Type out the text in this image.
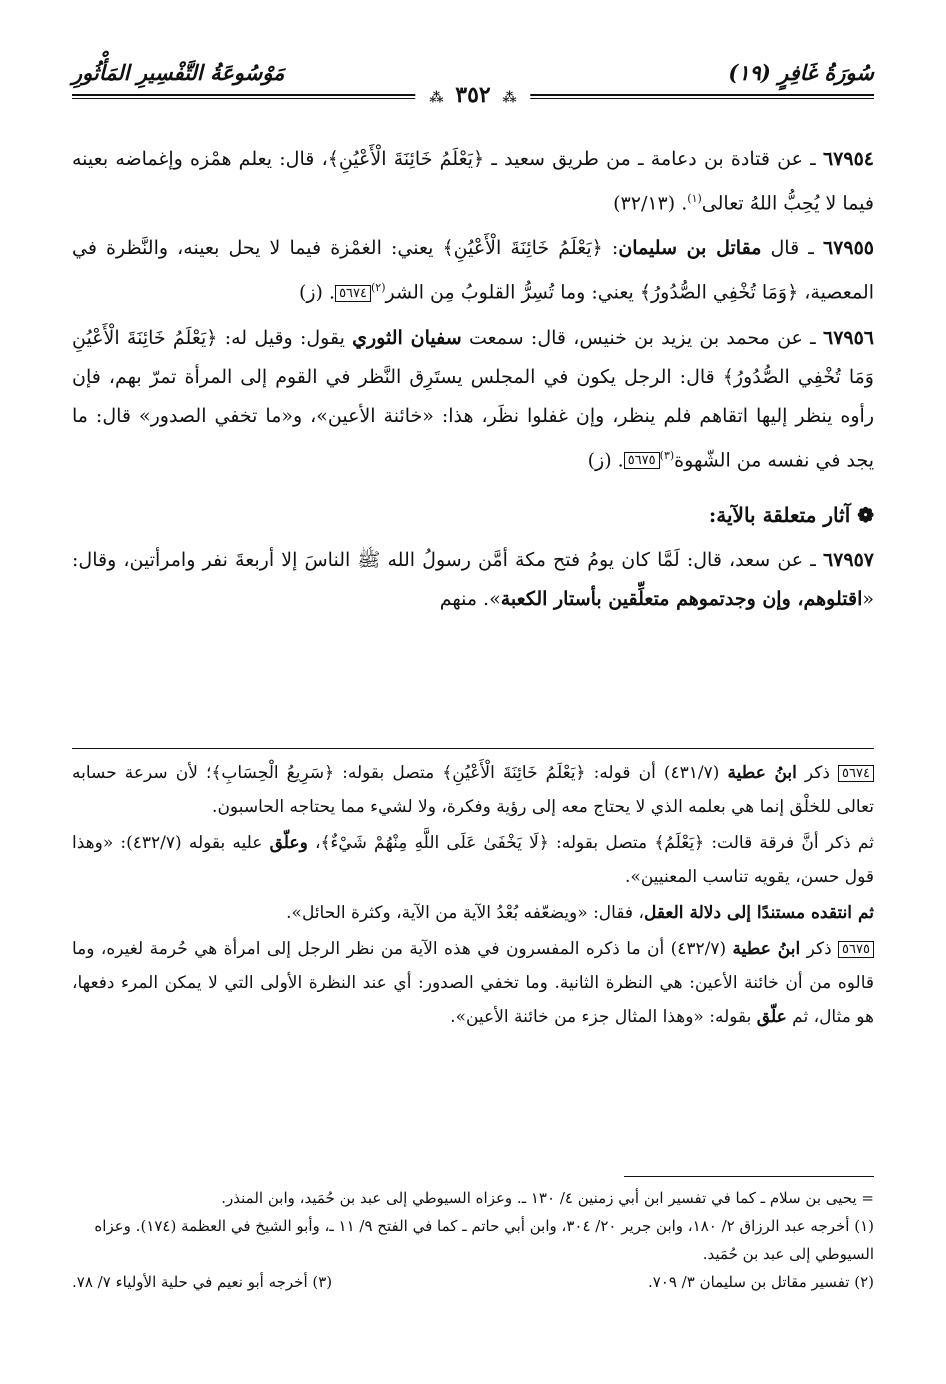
سُورَةُ غَافِرٍ (١٩)
مَوْسُوعَةُ التَّفْسِيرِ المَأْثُورِ
⁂ ٣٥٢ ⁂

٦٧٩٥٤ ـ عن قتادة بن دعامة ـ من طريق سعيد ـ ﴿يَعْلَمُ خَائِنَةَ الْأَعْيُنِ﴾، قال: يعلم همْزه وإغماضه بعينه فيما لا يُحِبُّ اللهُ تعالى$^{(١)}$. (٣٢/١٣)

٦٧٩٥٥ ـ قال مقاتل بن سليمان: ﴿يَعْلَمُ خَائِنَةَ الْأَعْيُنِ﴾ يعني: الغمْزة فيما لا يحل بعينه، والنَّظرة في المعصية، ﴿وَمَا تُخْفِي الصُّدُورُ﴾ يعني: وما تُسِرُّ القلوبُ مِن الشر$^{(٢)}$٥٦٧٤. (ز)

٦٧٩٥٦ ـ عن محمد بن يزيد بن خنيس، قال: سمعت سفيان الثوري يقول: وقيل له: ﴿يَعْلَمُ خَائِنَةَ الْأَعْيُنِ وَمَا تُخْفِي الصُّدُورُ﴾ قال: الرجل يكون في المجلس يستَرِق النَّظر في القوم إلى المرأة تمرّ بهم، فإن رأوه ينظر إليها اتقاهم فلم ينظر، وإن غفلوا نظَر، هذا: «خائنة الأعين»، و«ما تخفي الصدور» قال: ما يجد في نفسه من الشّهوة$^{(٣)}$٥٦٧٥. (ز)

❁ آثار متعلقة بالآية:

٦٧٩٥٧ ـ عن سعد، قال: لَمَّا كان يومُ فتح مكة أمَّن رسولُ الله ﷺ الناسَ إلا أربعةَ نفر وامرأتين، وقال: «اقتلوهم، وإن وجدتموهم متعلِّقين بأستار الكعبة». منهم

٥٦٧٤ ذكر ابنُ عطية (٤٣١/٧) أن قوله: ﴿يَعْلَمُ خَائِنَةَ الْأَعْيُنِ﴾ متصل بقوله: ﴿سَرِيعُ الْحِسَابِ﴾؛ لأن سرعة حسابه تعالى للخلْق إنما هي بعلمه الذي لا يحتاج معه إلى رؤية وفكرة، ولا لشيء مما يحتاجه الحاسبون.

ثم ذكر أنَّ فرقة قالت: ﴿يَعْلَمُ﴾ متصل بقوله: ﴿لَا يَخْفَىٰ عَلَى اللَّهِ مِنْهُمْ شَيْءٌ﴾، وعلّق عليه بقوله (٤٣٢/٧): «وهذا قول حسن، يقويه تناسب المعنيين».

ثم انتقده مستندًا إلى دلالة العقل، فقال: «ويضعّفه بُعْدُ الآية من الآية، وكثرة الحائل».

٥٦٧٥ ذكر ابنُ عطية (٤٣٢/٧) أن ما ذكره المفسرون في هذه الآية من نظر الرجل إلى امرأة هي حُرمة لغيره، وما قالوه من أن خائنة الأعين: هي النظرة الثانية. وما تخفي الصدور: أي عند النظرة الأولى التي لا يمكن المرء دفعها، هو مثال، ثم علّق بقوله: «وهذا المثال جزء من خائنة الأعين».

= يحيى بن سلام ـ كما في تفسير ابن أبي زمنين ٤/ ١٣٠ ـ. وعزاه السيوطي إلى عبد بن حُمَيد، وابن المنذر.

(١) أخرجه عبد الرزاق ٢/ ١٨٠، وابن جرير ٢٠/ ٣٠٤، وابن أبي حاتم ـ كما في الفتح ٩/ ١١ ـ، وأبو الشيخ في العظمة (١٧٤). وعزاه السيوطي إلى عبد بن حُمَيد.

(٢) تفسير مقاتل بن سليمان ٣/ ٧٠٩.
(٣) أخرجه أبو نعيم في حلية الأولياء ٧/ ٧٨.
